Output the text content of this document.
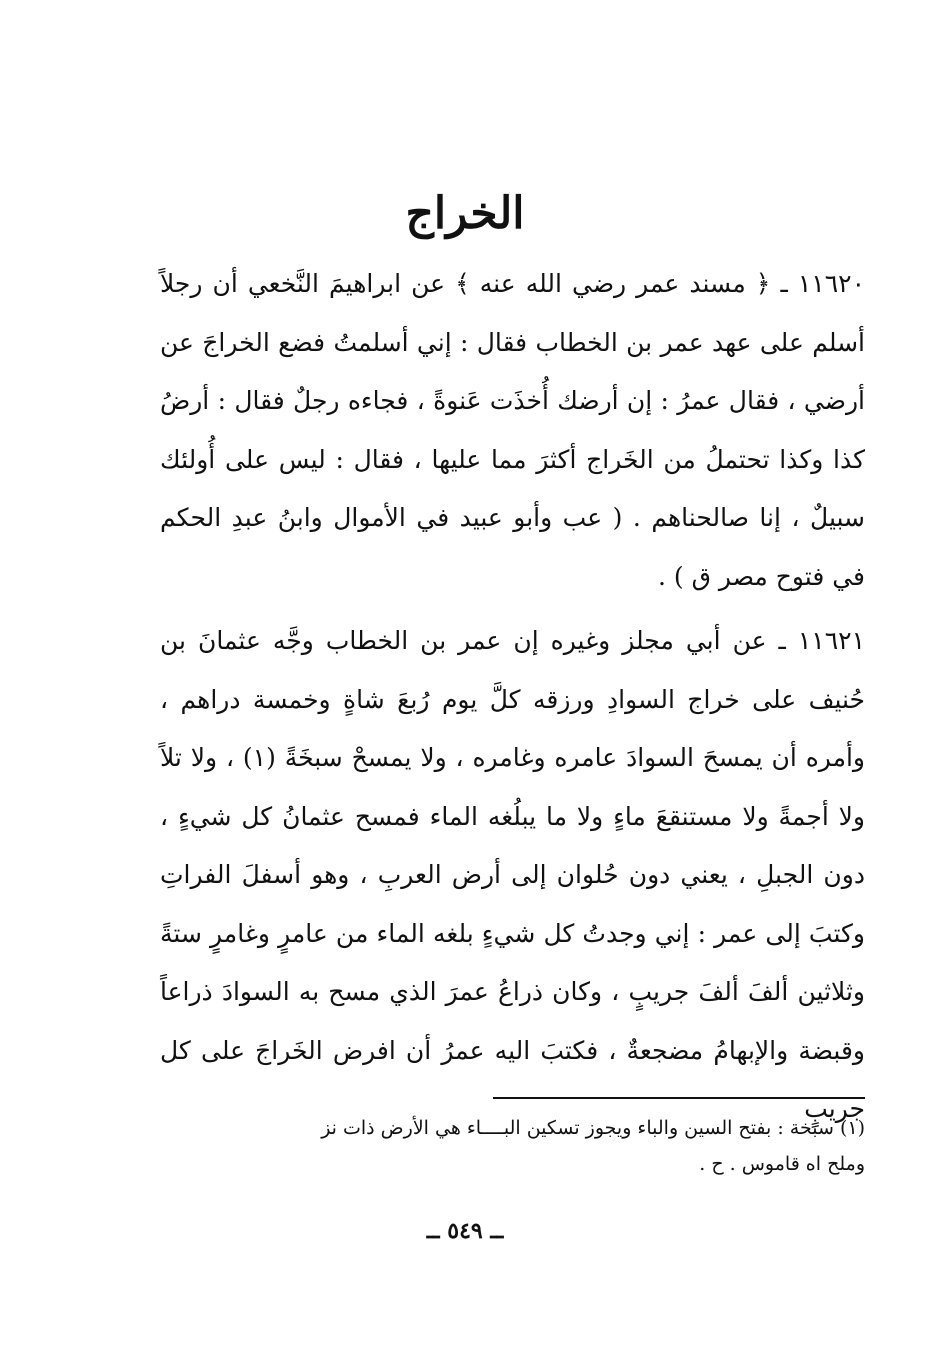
الخراج

١١٦٢٠ ـ ﴿ مسند عمر رضي الله عنه ﴾ عن ابراهيمَ النَّخعي أن رجلاً أسلم على عهد عمر بن الخطاب فقال : إني أسلمتُ فضع الخراجَ عن أرضي ، فقال عمرُ : إن أرضك أُخذَت عَنوةً ، فجاءه رجلٌ فقال : أرضُ كذا وكذا تحتملُ من الخَراج أكثرَ مما عليها ، فقال : ليس على أُولئك سبيلٌ ، إنا صالحناهم . ( عب وأبو عبيد في الأموال وابنُ عبدِ الحكم في فتوح مصر ق ) .

١١٦٢١ ـ عن أبي مجلز وغيره إن عمر بن الخطاب وجَّه عثمانَ بن حُنيف على خراج السوادِ ورزقه كلَّ يوم رُبعَ شاةٍ وخمسة دراهم ، وأمره أن يمسحَ السوادَ عامره وغامره ، ولا يمسحْ سبخَةً (١) ، ولا تلاً ولا أجمةً ولا مستنقعَ ماءٍ ولا ما يبلُغه الماء فمسح عثمانُ كل شيءٍ ، دون الجبلِ ، يعني دون حُلوان إلى أرض العربِ ، وهو أسفلَ الفراتِ وكتبَ إلى عمر : إني وجدتُ كل شيءٍ بلغه الماء من عامرٍ وغامرٍ ستةً وثلاثين ألفَ ألفَ جريبٍ ، وكان ذراعُ عمرَ الذي مسح به السوادَ ذراعاً وقبضة والإبهامُ مضجعةٌ ، فكتبَ اليه عمرُ أن افرض الخَراجَ على كل جريبٍ

(١) سبخة : بفتح السين والباء ويجوز تسكين البــــاء هي الأرض ذات نز

وملح اه قاموس . ح .

ــ ٥٤٩ ــ
